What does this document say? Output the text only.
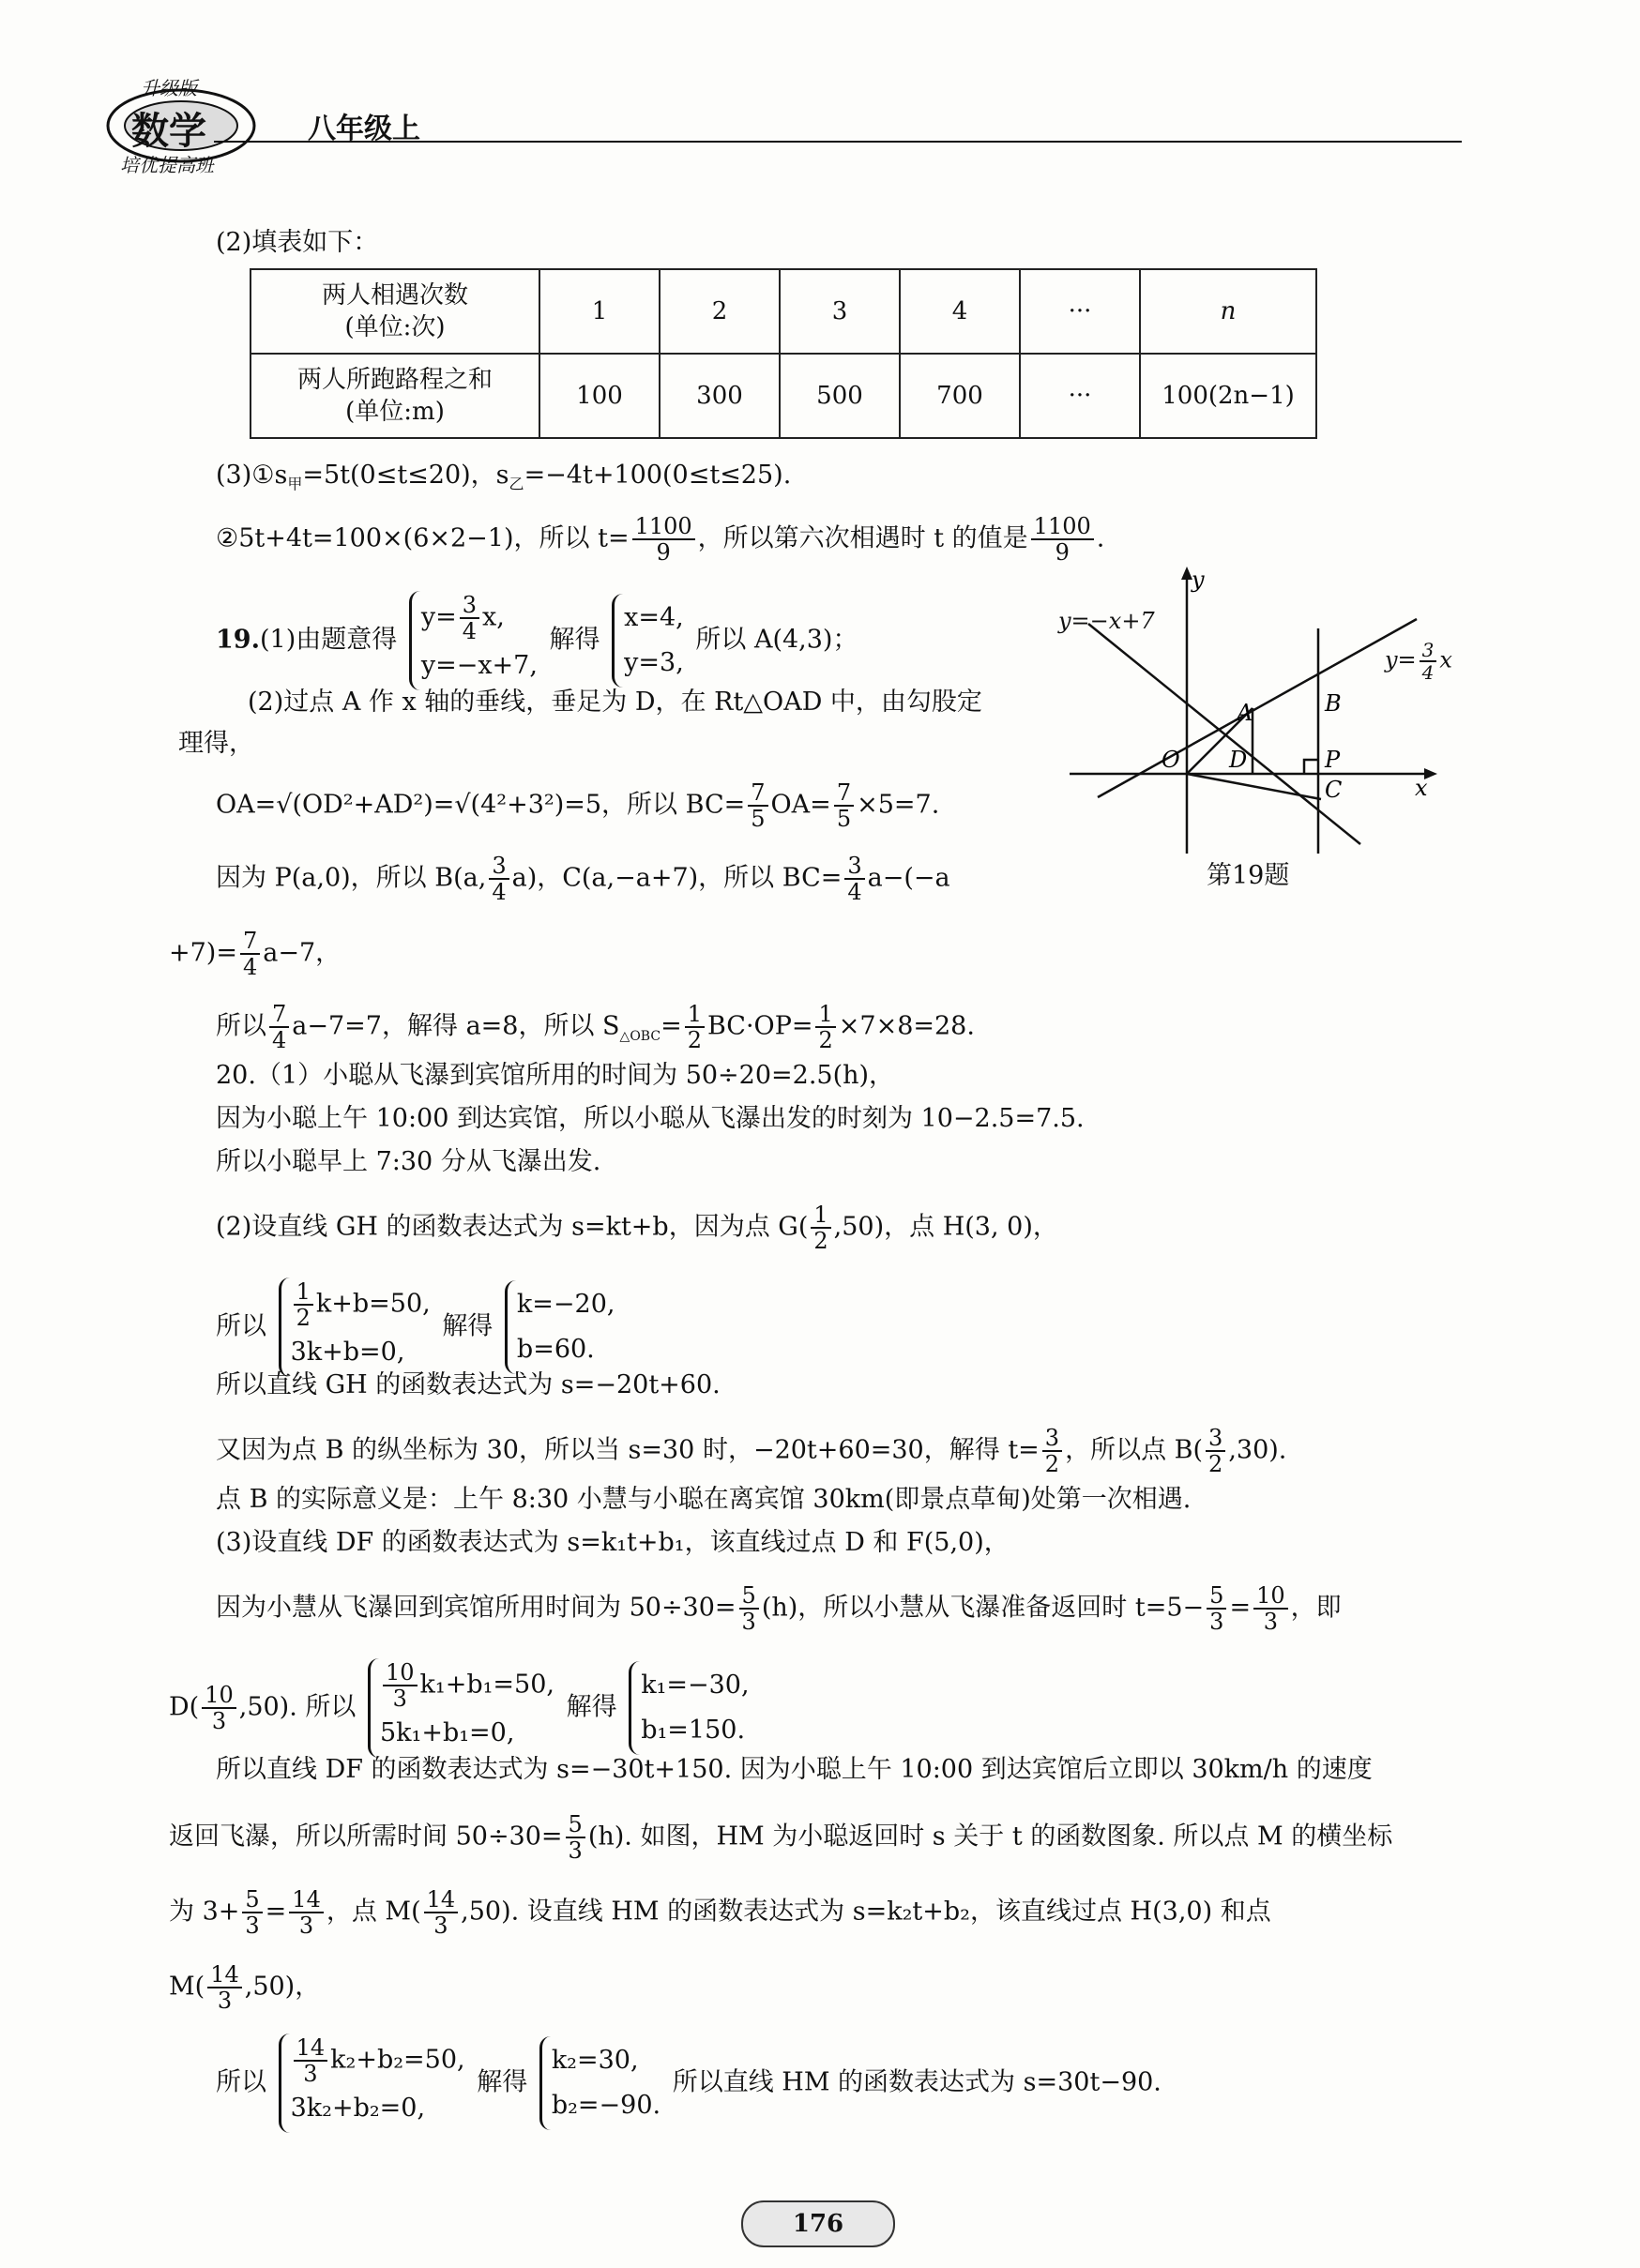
升级版
数学
培优提高班
八年级上
(2)填表如下：
两人相遇次数
(单位:次)	1	2	3	4	···	n

两人所跑路程之和
(单位:m)	100	300	500	700	···	100(2n−1)
$(3)①s_甲=5t(0\le t\le 20)$，$s_乙=-4t+100(0\le t\le 25)$.
②5t+4t=100×(6×2−1)，所以 $t= \frac{1100}{9}$ ，所以第六次相遇时 t 的值是 $\frac{1100}{9}$ .
19.(1)由题意得
$y= \frac{3}{4} x$,
y=−x+7,
解得
x=4,
y=3,
所以 A(4,3)；
(2)过点 A 作 x 轴的垂线，垂足为 D，在 Rt△OAD 中，由勾股定
理得，
OA=√(OD²+AD²)=√(4²+3²)=5，所以 $BC= \frac{7}{5} OA= \frac{7}{5} \times 5=7$.
因为 P(a,0)，所以 B(a, $\frac{3}{4} a$)，C(a,−a+7)，所以 $BC= \frac{3}{4} a-(-a$
$+7)= \frac{7}{4} a-7$，
所以 $\frac{7}{4} a-7=7$，解得 a=8，所以 $S_{\triangle OBC}= \frac{1}{2} BC\cdot OP= \frac{1}{2} \times 7\times 8=28$.
y
x
O
A	B
D	P
C
y=−x+7
$y= \frac{3}{4}$ x
第19题
20.（1）小聪从飞瀑到宾馆所用的时间为 50÷20=2.5(h)，
因为小聪上午 10:00 到达宾馆，所以小聪从飞瀑出发的时刻为 10−2.5=7.5.
所以小聪早上 7:30 分从飞瀑出发.
(2)设直线 GH 的函数表达式为 s=kt+b，因为点 $G( \frac{1}{2} ,50)$，点 H(3, 0)，
所以 $\frac{1}{2} k+b=50$,
3k+b=0,
解得
k=−20,
b=60.
所以直线 GH 的函数表达式为 s=−20t+60.
又因为点 B 的纵坐标为 30，所以当 s=30 时，−20t+60=30，解得 $t= \frac{3}{2}$ ，所以点 $B( \frac{3}{2} ,30)$.
点 B 的实际意义是：上午 8:30 小慧与小聪在离宾馆 30km(即景点草甸)处第一次相遇.
(3)设直线 DF 的函数表达式为 s=k₁t+b₁，该直线过点 D 和 F(5,0)，
因为小慧从飞瀑回到宾馆所用时间为 $50\div 30= \frac{5}{3} (h)$，所以小慧从飞瀑准备返回时 $t=5- \frac{5}{3} = \frac{10}{3}$ ，即
$D( \frac{10}{3} ,50)$. 所以 $\frac{10}{3} k_1+b_1=50$,
5k₁+b₁=0,
解得
k₁=−30,
b₁=150.
所以直线 DF 的函数表达式为 s=−30t+150. 因为小聪上午 10:00 到达宾馆后立即以 30km/h 的速度
返回飞瀑，所以所需时间 $50\div 30= \frac{5}{3} (h)$. 如图，HM 为小聪返回时 s 关于 t 的函数图象. 所以点 M 的横坐标
为 $3+ \frac{5}{3} = \frac{14}{3}$ ，点 $M( \frac{14}{3} ,50)$. 设直线 HM 的函数表达式为 s=k₂t+b₂，该直线过点 H(3,0) 和点
$M( \frac{14}{3} ,50)$，
所以 $\frac{14}{3} k_2+b_2=50$,
3k₂+b₂=0,
解得
k₂=30,
b₂=−90.
所以直线 HM 的函数表达式为 s=30t−90.
176
